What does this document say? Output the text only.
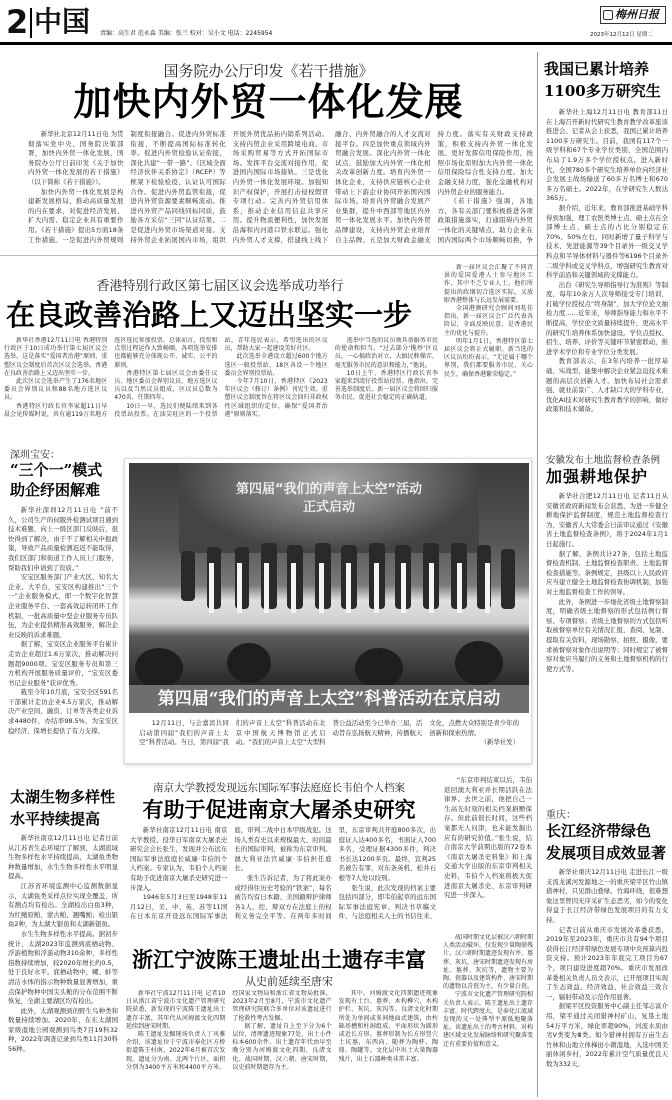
2 中国 责编：高生君 范永淼 美编：张兰 校对：吴小文 电话：2245954
梅州日报
2023年12月12日 星期二
国务院办公厅印发《若干措施》
加快内外贸一体化发展

新华社北京12月11日电 为贯彻落实党中央、国务院决策部署，加快内外贸一体化发展，国务院办公厅日前印发《关于加快内外贸一体化发展的若干措施》（以下简称《若干措施》）。

加快内外贸一体化发展是构建新发展格局、推动高质量发展的内在要求，对促进经济发展、扩大内需、稳定企业具有重要作用。《若干措施》提出5方面18条工作措施。一是促进内外贸规则制度衔接融合。促进内外贸标准衔接，不断提高国际标准转化率。促进内外贸检验认证衔接，深化共建“一带一路”、《区域全面经济伙伴关系协定》（RCEP）等框架下检验检疫、认证认可国际合作。促进内外贸监管衔接，促进内外贸资源要素顺畅流动。推进内外贸产品同线同标同质，鼓励各方采信“三同”认证结果。二是促进内外贸市场渠道对接。支持外贸企业拓展国内市场，组织开展外贸优品拓内销系列活动。支持内贸企业采用跨境电商、市场采购贸易等方式开拓国际市场。发挥平台交流对接作用，促进国内国际市场接轨。三是优化内外贸一体化发展环境。加强知识产权保护，开展打击侵权假冒专项行动。完善内外贸信用体系，推动企业信用信息共享应用。提升物流便利性，加快发展沿海和内河港口铁水联运。强化内外贸人才支撑，搭建线上线下融合、内外贸融合的人才交流对接平台。四是加快重点领域内外贸融合发展。深化内外贸一体化试点，鼓励加大内外贸一体化相关改革创新力度。培育内外贸一体化企业，支持供应链核心企业带动上下游企业协同开拓国内国际市场。培育内外贸融合发展产业集群，提升中西部等地区内外贸一体化发展水平。加快内外贸品牌建设，支持内外贸企业培育自主品牌。五是加大财政金融支持力度。落实有关财政支持政策，积极支持内外贸一体化发展。更好发挥信用保险作用，按照市场化原则加大内外贸一体化信用保险综合性支持力度。加大金融支持力度，强化金融机构对内外贸企业的服务能力。

《若干措施》强调，各地方、各有关部门要积极推进各项政策措施落实，打通阻碍内外贸一体化的关键堵点，助力企业在国内国际两个市场顺畅切换，争

香港特别行政区第七届区议会选举成功举行
在良政善治路上又迈出坚实一步

新华社香港12月11日电 香港特别行政区于10日成功举行第七届区议会选举。这是落实“爱国者治港”原则、重塑区议会制度后首次区议会选举。香港在良政善治路上又迈出坚实一步。

此次区议会选举产生了176名地区委员会界别议员和88名地方选区议员。

香港特区行政长官李家超11日早晨会见传媒时说，共有逾119万名地方选区选民参加投票。总体而言，投票和点票过程运作大致畅顺，各项选举安排也都能够充分体现公开、诚实、公平的原则。

香港特区第七届区议会由委任议员、地区委员会界别议员、地方选区议员以及当然议员组成，区议员总数为470名，任期四年。

10日一早，选民们便陆续来到各投票站投票。在油尖旺区的一个投票站，青年选民表示，希望选出的区议员，帮助大家一起建设美好社区。

此次选举全港设立超过600个地方选区一般投票站，18区各设一个地区委员会界别投票站。

今年7月10日，香港特区《2023年区议会（修订）条例》刊宪生效。重塑区议会制度旨在将区议会回归非政权性区域组织的定位，确保“爱国者治港”原则落实。

选举中当选的议员须具备服务市民的使命和担当。“过去部分‘揽炒’区议员，一心搞政治对立，大搞民粹操弄，毫无服务市民的意识和能力，”他说。

10日上午，香港特区行政长官李家超来到湾仔投票站投票。他指出，完善选举制度后，新一届区议会将回归服务市民、促进社会稳定的正确轨道。

新一届区议会汇聚了不同背景的爱国爱港人士参与地区工作，其中不乏专业人士。他们所提出的政纲切合选区实际，又放眼香港整体与长远发展需要。

全国港澳研究会顾问刘兆佳指出，新一届区议会广泛代表各阶层，全面反映民意，是香港民主的优化与提升。

明年1月1日，香港特区第七届区议会将正式履职。新当选的区议员纷纷表示，“无论属于哪个界别，我们都要服务市民、关心民生，确保香港繁荣稳定。”

我国已累计培养
1100多万研究生

新华社上海12月11日电 教育部11日在上海召开新时代研究生教育教学改革座谈推进会。记者从会上获悉，我国已累计培养1100多万研究生。目前，我国有117个一级学科和67个专业学位类别，全国范围内布局了1.9万多个学位授权点。进入新时代，全国780多个研究生培养单位向经济社会发展主战场输送了60多万名博士和670多万名硕士。2022年，在学研究生人数达365万。

据介绍，近年来，教育部推进基础学科得到加强，理工农医类博士点、硕士点在全部博士点、硕士点的占比分别稳定在70%、50%左右，同时新增了量子科学与技术、先进能源等39个目录外一级交叉学科点和半导体材料与器件等6196个目录外二级学科或交叉学科点，增强研究生教育对科学前沿和关键领域的支撑能力。

出台《研究生导师指导行为准则》等制度，每年10余万人次导师接受专门培训，打破学位授权点“终身制”，加大学位论文抽检力度……近年来，导师指导能力和水平不断提高，学位论文质量持续提升，更高水平的研究生培养体系加快建设。学位点授权、招生、培养、评价等关键环节紧密联动，推进学术学位和专业学位分类发展。

教育部表示，在3年内培养一批厚基础、实战型、能集中解决企业紧急迫技术难题的高层次创新人才。加快布局社会需求强、就业前景广、人才缺口大的学科专业，优化AI技术对研究生教育教学的影响，做好政策和技术储备。

安徽发布土地监督检查条例
加强耕地保护

新华社合肥12月11日电 记者11日从安徽省政府新闻发布会获悉，为进一步健全耕地保护监督制度，规范土地监督检查行为，安徽省人大常委会日前审议通过《安徽省土地监督检查条例》，将于2024年1月1日起施行。

据了解，条例共计27条，包括土地监督检查机制、土地监督检查职责、土地监督检查措施等。条例规定，县级以上人民政府应当建立健全土地监督检查协调机制，加强对土地监督检查工作的领导。

此外，条例进一步细化省级土地督察制度，明确省级土地督察的形式包括例行督察、专项督察；省级土地督察的方式包括听取被督察单位有关情况汇报，查阅、复制、提取有关资料，现场勘察、拍照、摄像，要求被督察对象作出说明等；同时规定了被督察对象应当履行的义务和土地督察机构的行使方式等。

重庆：
长江经济带绿色
发展项目成效显著

新华社重庆12月11日电 走进长江一级支流龙溪河发源地之一的重庆梁平区竹山镇猎神村，只见群山叠绿、竹海环绕，很难想象这里曾因无序采矿生态恶劣，如今的变化得益于长江经济带绿色发展项目的有力支持。

记者日前从重庆市发展改革委获悉，2019年至2023年，重庆市共有94个项目获得长江经济带绿色发展专项中央预算内投资支持。预计2023年年底完工项目为67个，项目建设进度超70%。重庆市发展改革委相关负责人员文表示，已开展项目实现了生态效益、经济效益、社会效益三效合一，辐射带动及示范作用显著。

据梁平区投资服务中心副主任邹志富介绍，梁平通过关闭猎神村矿山，复垦土地54万平方米，绿化率超90%，河流水质由劣Ⅴ类变为Ⅲ类。如今猎神村拥有万亩生态竹林和山地立体梯田小微湿地，入选中国美丽休闲乡村，2022年累计空气质量优良天数为332天。

深圳宝安：
“三个一”模式
助企纾困解难

新华社深圳12月11日电 “前不久，公司生产的伺服外检测试项目遇到技术难题，向上一级区部门反映后，很快得到了解决，由于不了解相关申报政策，导致产品质量检测迟迟不能取得，我们区部门和街道工作人员上门服务，帮助我们申请到了资质。”

安宝区服务部门产业大区、知名大企业、大平台，宝安区构建推出“三个一”企业服务模式，即一个数字化智慧企业服务平台、一套高效运转闭环工作机制、一批高质量中坚企业服务专员队伍，为企业提供精准高效服务，解决企业反映的诉求难题。

据了解，宝安区企业服务平台累计走访企业超过1.6万家次，推动解决问题超9000项。宝安区服务专员和第三方机构开展服务质量评价，“宝安区委书记企业服务”获评优秀。

截至今年10月底，宝安全区591名干部累计走访企业4.5万家次，推动解决产业空间、融资、订单等各类企业诉求4480件，办结率98.5%，为宝安区稳经济、保增长提供了有力支撑。

太湖生物多样性
水平持续提高

新华社南京12月11日电 记者日前从江苏省生态环境厅了解到，太湖流域生物多样性水平持续提高，太湖鱼类物种数量增加，水生生物多样性水平明显提高。

江苏省环境监测中心监测数据显示，太湖鱼类采样点位实现全覆盖，所有测点均有检出。全湖检出白鱼3种，为红鳍原鲌、蒙古鲌、翘嘴鲌；检出银鱼2种，为太湖大银鱼和太湖新银鱼。

水生生物多样性水平提高。据初步统计，太湖2023年监测到底栖动物、浮游植物和浮游动物310余种，多样性指数持续增加，较2020年增长约0.5，处于良好水平。底栖动物中，螺、蚌等清洁水体的指示物种数量显著增加，重点保护物种中国尖头鲌的分布范围不断恢复，全湖主要湖区均有检出。

此外，太湖观测到的野生鸟种类和数量持续增加。2020年，在东太湖国家级湿地公园观测到鸟类7目19科32种，2022年调查记录到鸟类11目30科56种。

第四届“我们的声音上太空”活动
正式启动
第四届“我们的声音上太空”科普活动在京启动

12月11日，与会嘉宾共同启动第四届“我们的声音上太空”科普活动。当日，第四届“我们的声音上太空”科普活动在北京中国航天博物馆正式启动。“我们的声音上太空”大型科普公益活动至今已举办三届，活动旨在弘扬航天精神，传播航天文化，点燃大众特别是青少年的创新和探索热情。

（新华社发）
南京大学教授发现远东国际军事法庭庭长韦伯个人档案
有助于促进南京大屠杀史研究

新华社南京12月11日电 南京大学教授、侵华日军南京大屠杀史研究会会长张生，发现并公布远东国际军事法庭庭长威廉·韦伯的个人档案。专家认为，韦伯个人档案有助于促进南京大屠杀史研究进一步深入。

1946年5月3日至1948年11月12日，美、中、英、苏等11国在日本东京开设远东国际军事法庭，审判二战中日本甲级战犯。这场人类有史以来规模最大、时间最长的国际审判，被称为东京审判。澳大利亚法官威廉·韦伯担任庭长。

张生告诉记者，为了将此案办成经得住历史考验的“铁案”，每名被告均有日本籍、美国籍辩护律师各1人，控、辩双方在法庭上的权利义务完全平等。在两年多时间里，东京审判共开庭800多次，出庭证人达400多名，书面证人700多名，受理证据4300多件，判决书长达1200多页。最终，宣判25名被告有罪，对东条英机、松井石根等7人处以绞刑。

张生说，此次发现的档案主要包括四部分，即韦伯起草的远东国际军事法庭宪章、判决书草稿文件、与法庭相关人士的书信往来、

“东京审判结束以后，韦伯返回澳大利亚并长期活跃在法律界。去世之前，他把自己一生高光时刻的相关档案捐赠保存。但此前很长时间，这些档案都无人问津，也未能发掘出应有的研究价值。”张生说，结合南京大学前期出版的72卷本《南京大屠杀史料集》和上海交通大学出版的东京审判相关史料，韦伯个人档案将极大促进南京大屠杀史、东京审判研究进一步深入。

浙江宁波陈王遗址出土遗存丰富
从史前延续至唐宋

新华社宁波12月11日电 记者10日从浙江省宁波市文化遗产管理研究院获悉，新发现的宁波陈王遗址出土遗存丰富，其年代从河姆渡文化四期延续到唐宋时期。

陈王遗址发掘现场负责人丁风雅介绍，该遗址位于宁波市奉化区方桥街道陈王村南，2022年6月被首次发现。遗址分为南、北两个片区，面积分别为3400平方米和4400平方米。经国家文物局和浙江省文物局批准，2023年2月至8月，宁波市文化遗产管理研究院联合多单位对该遗址进行了抢救性考古发掘。

据了解，遗址自上至下分为6个层位，清理遗迹现象77处，出土小件标本600余件。出土遗存年代由早至晚分别为河姆渡文化四期、良渚文化、战国时期、汉六朝、唐宋时期，以史前时期遗存为主。

其中，河姆渡文化四期遗迹现象发现有土台、墓葬、木构榫穴、木构护栏、灰坑、灰沟等。良渚文化时期所处为单间或多间地面式建筑，由柱础基槽和柱洞组成，平面形状为圆形或近长方形。墓葬形制为长方形竖穴土坑墓，东西向，随葬为陶杯、陶鼎、陶罐等。文化层中出土大量陶器残片，出土石器种类非常丰富。

战国时期文化层被汉六朝时期人类活动破坏，仅发现少量陶鼎残片。汉六朝时期遗迹发现有井、墓葬、灰坑，唐宋时期遗迹发现有房址、墓葬、灰坑等，遗物主要为陶、瓷器以及建筑构件、唐宋时期的遗物以青瓷为主，有少量白瓷。

宁波市文化遗产管理研究院相关负责人表示，陈王遗址出土遗存丰富，时代跨度大，是奉化江流域发现的又一处典型平原低地聚落址。该遗址出土的考古材料，对构建区域文化发展脉络和研究聚落变迁有重要价值和意义。
